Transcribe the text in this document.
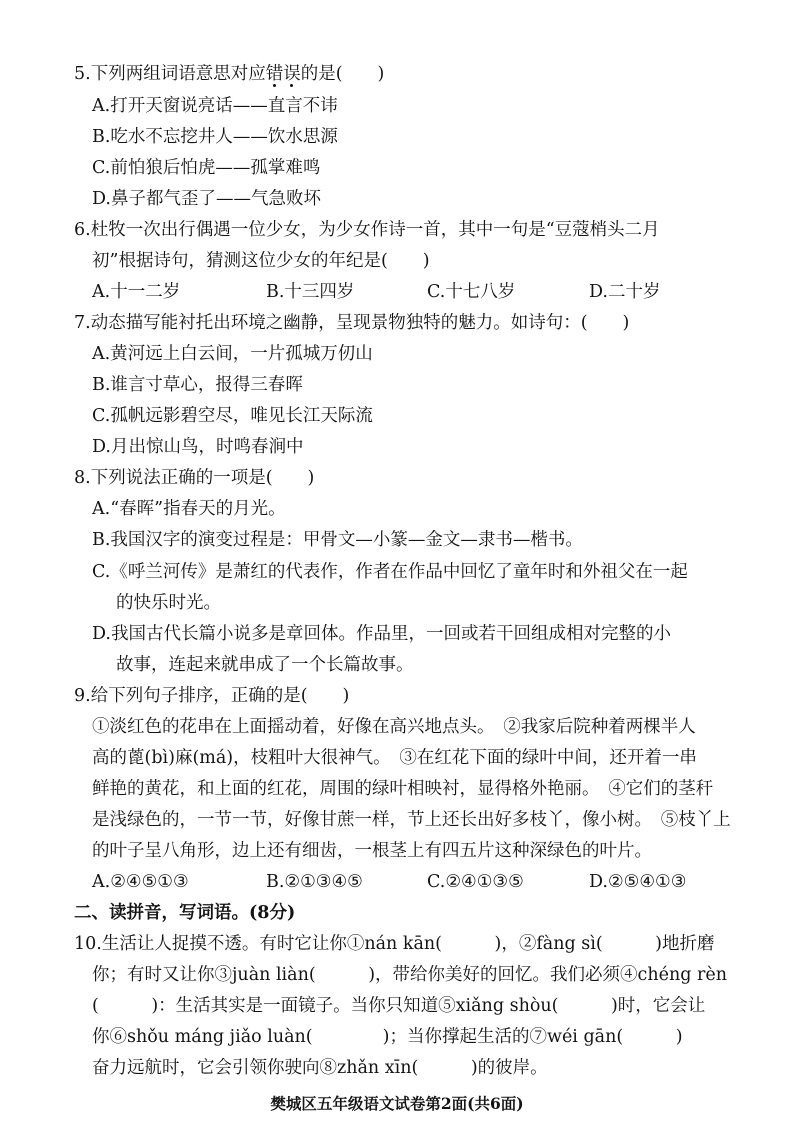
5.下列两组词语意思对应错误的是(　　)
A.打开天窗说亮话——直言不讳
B.吃水不忘挖井人——饮水思源
C.前怕狼后怕虎——孤掌难鸣
D.鼻子都气歪了——气急败坏
6.杜牧一次出行偶遇一位少女，为少女作诗一首，其中一句是“豆蔻梢头二月
初”根据诗句，猜测这位少女的年纪是(　　)
A.十一二岁	B.十三四岁	C.十七八岁	D.二十岁
7.动态描写能衬托出环境之幽静，呈现景物独特的魅力。如诗句：(　　)
A.黄河远上白云间，一片孤城万仞山
B.谁言寸草心，报得三春晖
C.孤帆远影碧空尽，唯见长江天际流
D.月出惊山鸟，时鸣春涧中
8.下列说法正确的一项是(　　)
A.“春晖”指春天的月光。
B.我国汉字的演变过程是：甲骨文—小篆—金文—隶书—楷书。
C.《呼兰河传》是萧红的代表作，作者在作品中回忆了童年时和外祖父在一起
的快乐时光。
D.我国古代长篇小说多是章回体。作品里，一回或若干回组成相对完整的小
故事，连起来就串成了一个长篇故事。
9.给下列句子排序，正确的是(　　)
①淡红色的花串在上面摇动着，好像在高兴地点头。　②我家后院种着两棵半人
高的蓖(bì)麻(má)，枝粗叶大很神气。　③在红花下面的绿叶中间，还开着一串
鲜艳的黄花，和上面的红花，周围的绿叶相映衬，显得格外艳丽。　④它们的茎秆
是浅绿色的，一节一节，好像甘蔗一样，节上还长出好多枝丫，像小树。　⑤枝丫上
的叶子呈八角形，边上还有细齿，一根茎上有四五片这种深绿色的叶片。
A.②④⑤①③	B.②①③④⑤	C.②④①③⑤	D.②⑤④①③
二、读拼音，写词语。(8分)
10.生活让人捉摸不透。有时它让你①nán kān(　　　)，②fàng sì(　　　)地折磨
你；有时又让你③juàn liàn(　　　)，带给你美好的回忆。我们必须④chéng rèn
(　　　)：生活其实是一面镜子。当你只知道⑤xiǎng shòu(　　　)时，它会让
你⑥shǒu máng jiǎo luàn(　　　　)；当你撑起生活的⑦wéi gān(　　　)
奋力远航时，它会引领你驶向⑧zhǎn xīn(　　　)的彼岸。
樊城区五年级语文试卷第2面(共6面)
